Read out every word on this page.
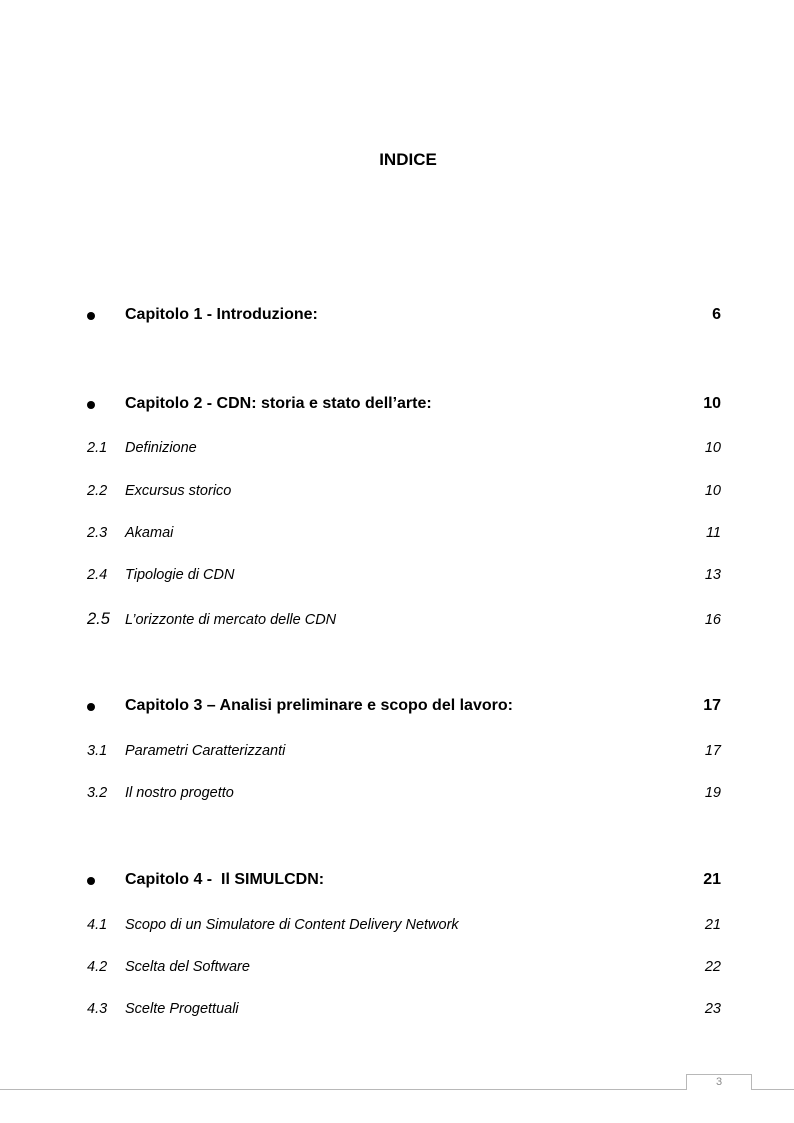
INDICE
Capitolo 1 - Introduzione:	6
Capitolo 2 - CDN: storia e stato dell’arte:	10
2.1 Definizione	10
2.2 Excursus storico	10
2.3 Akamai	11
2.4 Tipologie di CDN	13
2.5 L’orizzonte di mercato delle CDN	16
Capitolo 3 – Analisi preliminare e scopo del lavoro:	17
3.1 Parametri Caratterizzanti	17
3.2 Il nostro progetto	19
Capitolo 4 -  Il SIMULCDN:	21
4.1 Scopo di un Simulatore di Content Delivery Network	21
4.2 Scelta del Software	22
4.3 Scelte Progettuali	23
3
